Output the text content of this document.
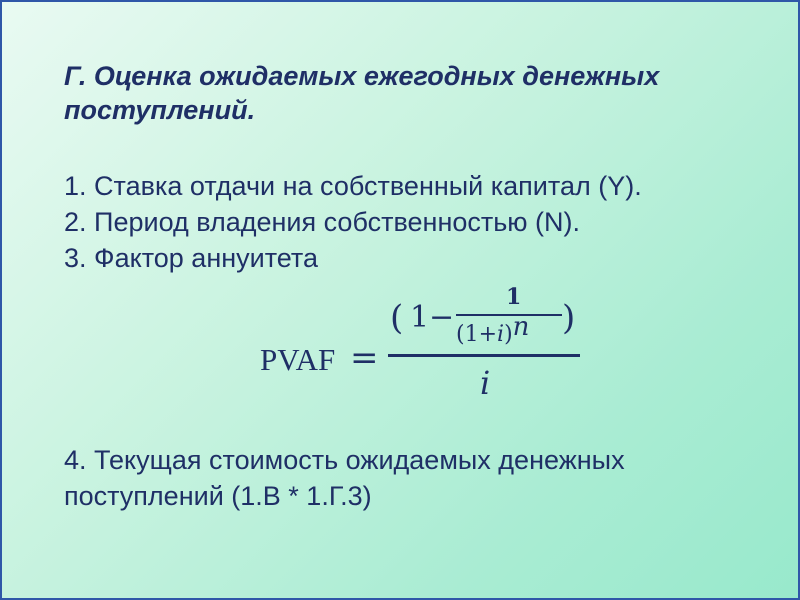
Г. Оценка ожидаемых ежегодных денежных
поступлений.

1. Ставка отдачи на собственный капитал (Y).

2. Период владения собственностью (N).

3. Фактор аннуитета

PVAF =
( 1 −
1
(1+i)n )
i

4. Текущая стоимость ожидаемых денежных

поступлений (1.В * 1.Г.3)
